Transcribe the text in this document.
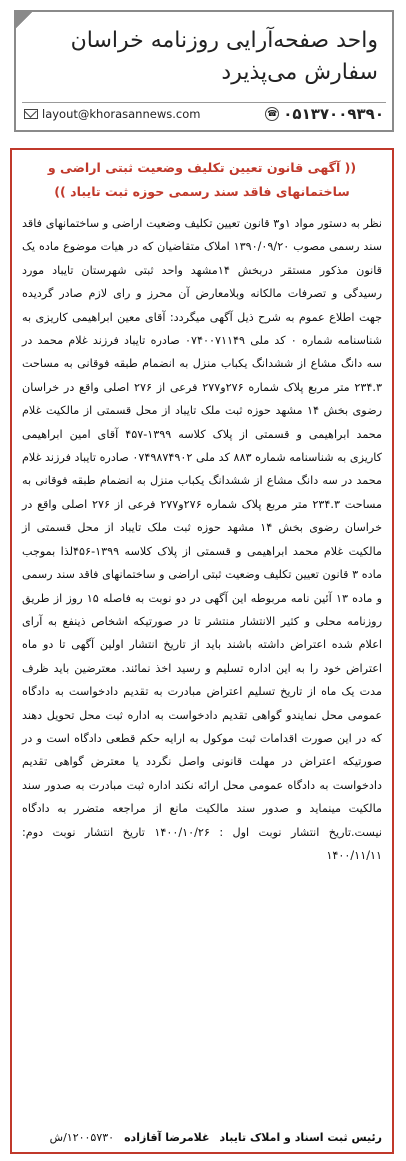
واحد صفحه‌آرایی روزنامه خراسان
سفارش می‌پذیرد
layout@khorasannews.com	☎ ۰۵۱۳۷۰۰۹۳۹۰
(( آگهی قانون تعیین تکلیف وضعیت ثبتی اراضی و ساختمانهای فاقد سند رسمی حوزه ثبت تایباد ))
نظر به دستور مواد ۱و۳ قانون تعیین تکلیف وضعیت اراضی و ساختمانهای فاقد سند رسمی مصوب ۱۳۹۰/۰۹/۲۰ املاک متقاضیان که در هیات موضوع ماده یک قانون مذکور مستقر دربخش ۱۴مشهد واحد ثبتی شهرستان تایباد مورد رسیدگی و تصرفات مالکانه وبلامعارض آن محرز و رای لازم صادر گردیده جهت اطلاع عموم به شرح ذیل آگهی میگردد: آقای معین ابراهیمی کاریزی به شناسنامه شماره ۰ کد ملی ۰۷۴۰۰۷۱۱۴۹ صادره تایباد فرزند غلام محمد در سه دانگ مشاع از ششدانگ یکباب منزل به انضمام طبقه فوقانی به مساحت ۲۳۴.۳ متر مربع پلاک شماره ۲۷۶و۲۷۷ فرعی از ۲۷۶ اصلی واقع در خراسان رضوی بخش ۱۴ مشهد حوزه ثبت ملک تایباد از محل قسمتی از مالکیت غلام محمد ابراهیمی و قسمتی از پلاک کلاسه ۱۳۹۹-۴۵۷ آقای امین ابراهیمی کاریزی به شناسنامه شماره ۸۸۳ کد ملی ۰۷۴۹۸۷۴۹۰۲ صادره تایباد فرزند غلام محمد در سه دانگ مشاع از ششدانگ یکباب منزل به انضمام طبقه فوقانی به مساحت ۲۳۴.۳ متر مربع پلاک شماره ۲۷۶و۲۷۷ فرعی از ۲۷۶ اصلی واقع در خراسان رضوی بخش ۱۴ مشهد حوزه ثبت ملک تایباد از محل قسمتی از مالکیت غلام محمد ابراهیمی و قسمتی از پلاک کلاسه ۱۳۹۹-۴۵۶لذا بموجب ماده ۳ قانون تعیین تکلیف وضعیت ثبتی اراضی و ساختمانهای فاقد سند رسمی و ماده ۱۳ آئین نامه مربوطه این آگهی در دو نوبت به فاصله ۱۵ روز از طریق روزنامه محلی و کثیر الانتشار منتشر تا در صورتیکه اشخاص ذینفع به آرای اعلام شده اعتراض داشته باشند باید از تاریخ انتشار اولین آگهی تا دو ماه اعتراض خود را به این اداره تسلیم و رسید اخذ نمائند. معترضین باید ظرف مدت یک ماه از تاریخ تسلیم اعتراض مبادرت به تقدیم دادخواست به دادگاه عمومی محل نمایندو گواهی تقدیم دادخواست به اداره ثبت محل تحویل دهند که در این صورت اقدامات ثبت موکول به ارایه حکم قطعی دادگاه است و در صورتیکه اعتراض در مهلت قانونی واصل نگردد یا معترض گواهی تقدیم دادخواست به دادگاه عمومی محل ارائه نکند اداره ثبت مبادرت به صدور سند مالکیت مینماید و صدور سند مالکیت مانع از مراجعه متضرر به دادگاه نیست.تاریخ انتشار نوبت اول : ۱۴۰۰/۱۰/۲۶ تاریخ انتشار نوبت دوم: ۱۴۰۰/۱۱/۱۱
رئیس ثبت اسناد و املاک تایباد
غلامرضا آقازاده
۱۲۰۰۵۷۳۰/ش
